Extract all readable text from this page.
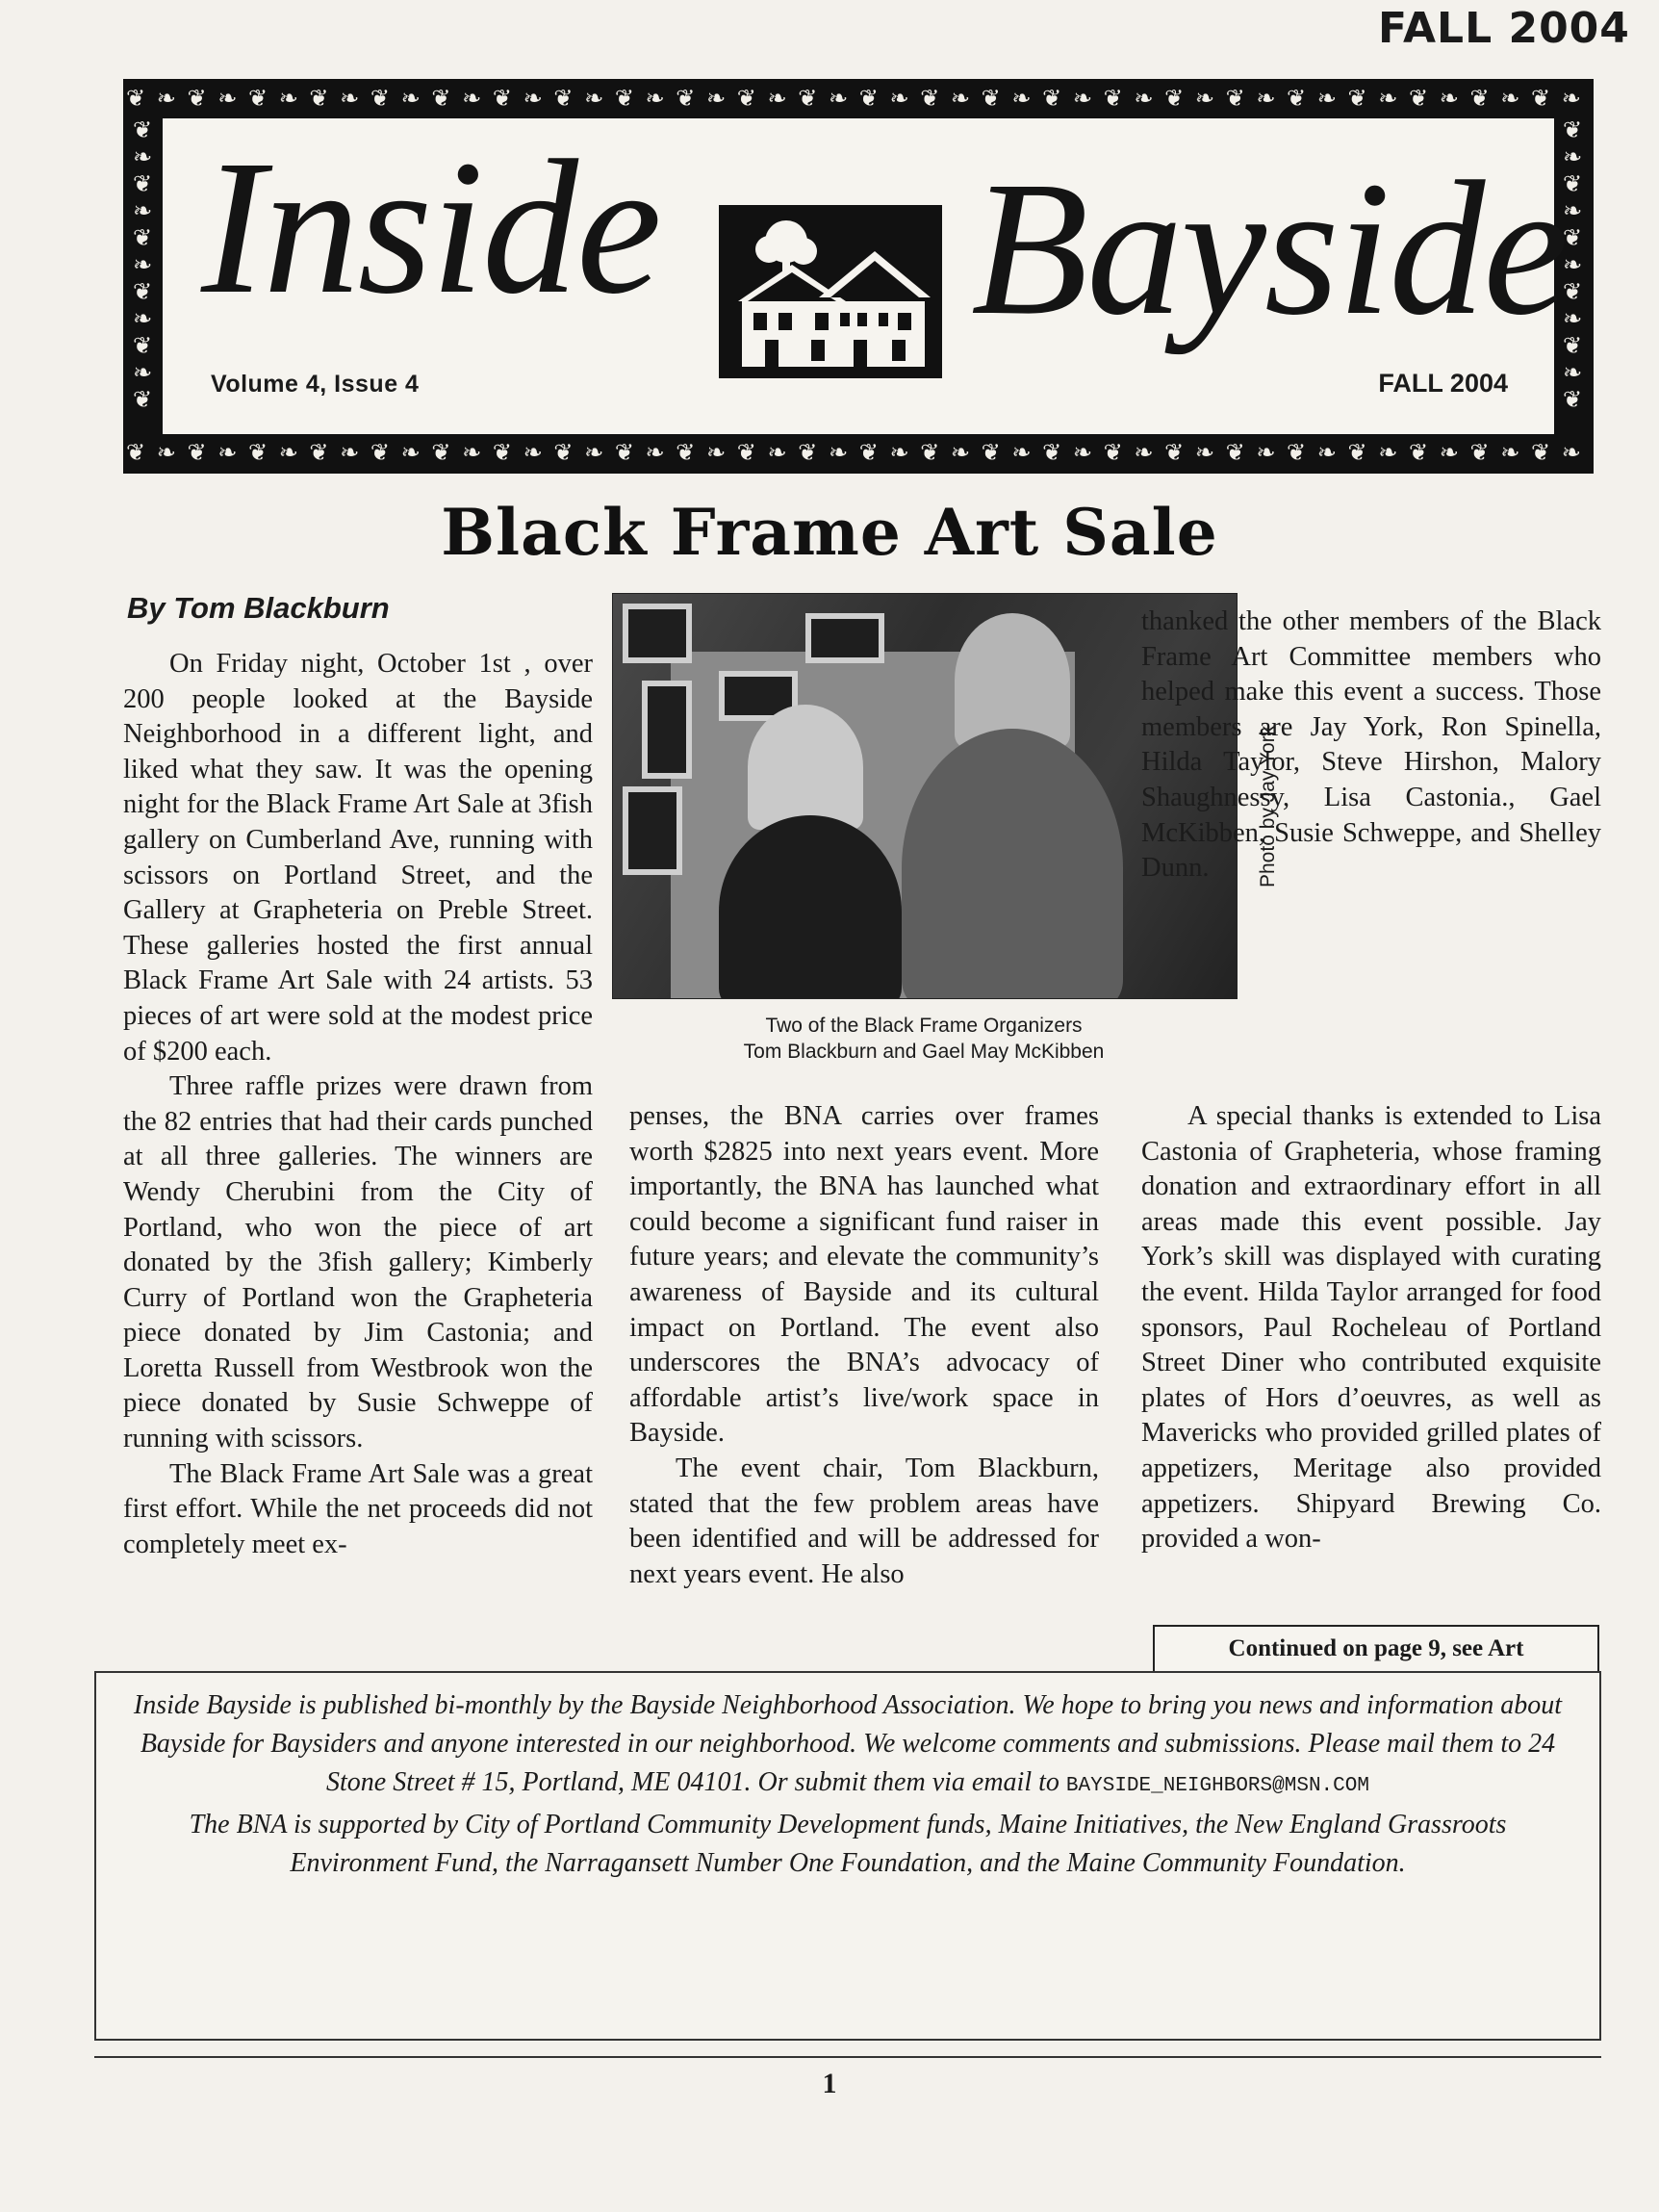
FALL 2004
❦ ❧ ❦ ❧ ❦ ❧ ❦ ❧ ❦ ❧ ❦ ❧ ❦ ❧ ❦ ❧ ❦ ❧ ❦ ❧ ❦ ❧ ❦ ❧ ❦ ❧ ❦ ❧ ❦ ❧ ❦ ❧ ❦ ❧ ❦ ❧ ❦ ❧ ❦ ❧ ❦ ❧ ❦ ❧ ❦ ❧ ❦ ❧
❦ ❧ ❦ ❧ ❦ ❧ ❦ ❧ ❦ ❧ ❦ ❧ ❦ ❧ ❦ ❧ ❦ ❧ ❦ ❧ ❦ ❧ ❦ ❧ ❦ ❧ ❦ ❧ ❦ ❧ ❦ ❧ ❦ ❧ ❦ ❧ ❦ ❧ ❦ ❧ ❦ ❧ ❦ ❧ ❦ ❧ ❦ ❧
❦❧❦❧❦❧❦❧❦❧❦
❦❧❦❧❦❧❦❧❦❧❦
Inside Bayside
Volume 4, Issue 4	FALL 2004
Black Frame Art Sale
By Tom Blackburn

On Friday night, October 1st , over 200 people looked at the Bayside Neighborhood in a different light, and liked what they saw. It was the opening night for the Black Frame Art Sale at 3fish gallery on Cumberland Ave, running with scissors on Portland Street, and the Gallery at Grapheteria on Preble Street. These galleries hosted the first annual Black Frame Art Sale with 24 artists. 53 pieces of art were sold at the modest price of $200 each.

Three raffle prizes were drawn from the 82 entries that had their cards punched at all three galleries. The winners are Wendy Cherubini from the City of Portland, who won the piece of art donated by the 3fish gallery; Kimberly Curry of Portland won the Grapheteria piece donated by Jim Castonia; and Loretta Russell from Westbrook won the piece donated by Susie Schweppe of running with scissors.

The Black Frame Art Sale was a great first effort. While the net proceeds did not completely meet ex-

Photo by Jay York
Two of the Black Frame Organizers
Tom Blackburn and Gael May McKibben

penses, the BNA carries over frames worth $2825 into next years event. More importantly, the BNA has launched what could become a significant fund raiser in future years; and elevate the community’s awareness of Bayside and its cultural impact on Portland. The event also underscores the BNA’s advocacy of affordable artist’s live/work space in Bayside.

The event chair, Tom Blackburn, stated that the few problem areas have been identified and will be addressed for next years event. He also

thanked the other members of the Black Frame Art Committee members who helped make this event a success. Those members are Jay York, Ron Spinella, Hilda Taylor, Steve Hirshon, Malory Shaughnessy, Lisa Castonia., Gael McKibben, Susie Schweppe, and Shelley Dunn.

A special thanks is extended to Lisa Castonia of Grapheteria, whose framing donation and extraordinary effort in all areas made this event possible. Jay York’s skill was displayed with curating the event. Hilda Taylor arranged for food sponsors, Paul Rocheleau of Portland Street Diner who contributed exquisite plates of Hors d’oeuvres, as well as Mavericks who provided grilled plates of appetizers, Meritage also provided appetizers. Shipyard Brewing Co. provided a won-

Continued on page 9, see Art

Inside Bayside is published bi-monthly by the Bayside Neighborhood Association. We hope to bring you news and information about Bayside for Baysiders and anyone interested in our neighborhood. We welcome comments and submissions. Please mail them to 24 Stone Street # 15, Portland, ME 04101. Or submit them via email to BAYSIDE_NEIGHBORS@MSN.COM

The BNA is supported by City of Portland Community Development funds, Maine Initiatives, the New England Grassroots Environment Fund, the Narragansett Number One Foundation, and the Maine Community Foundation.

1
